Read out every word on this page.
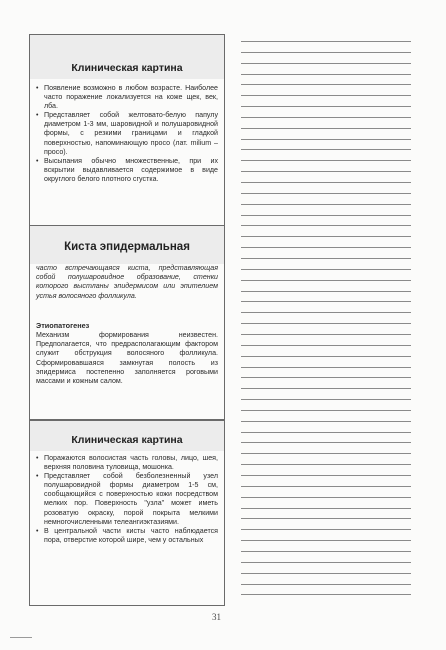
Клиническая картина
• Появление возможно в любом возрасте. Наиболее часто поражение локализуется на коже щек, век, лба.
• Представляет собой желтовато-белую папулу диаметром 1-3 мм, шаровидной и полушаровидной формы, с резкими границами и гладкой поверхностью, напоминающую просо (лат. milium – просо).
• Высыпания обычно множественные, при их вскрытии выдавливается содержимое в виде округлого белого плотного сгустка.
Киста эпидермальная
часто встречающаяся киста, представляющая собой полушаровидное образование, стенки которого выстланы эпидермисом или эпителием устья волосяного фолликула.
Этиопатогенез
Механизм формирования неизвестен. Предполагается, что предрасполагающим фактором служит обструкция волосяного фолликула. Сформировавшаяся замкнутая полость из эпидермиса постепенно заполняется роговыми массами и кожным салом.
Клиническая картина
• Поражаются волосистая часть головы, лицо, шея, верхняя половина туловища, мошонка.
• Представляет собой безболезненный узел полушаровидной формы диаметром 1-5 см, сообщающийся с поверхностью кожи посредством мелких пор. Поверхность "узла" может иметь розоватую окраску, порой покрыта мелкими немногочисленными телеангиэктазиями.
• В центральной части кисты часто наблюдается пора, отверстие которой шире, чем у остальных
31
